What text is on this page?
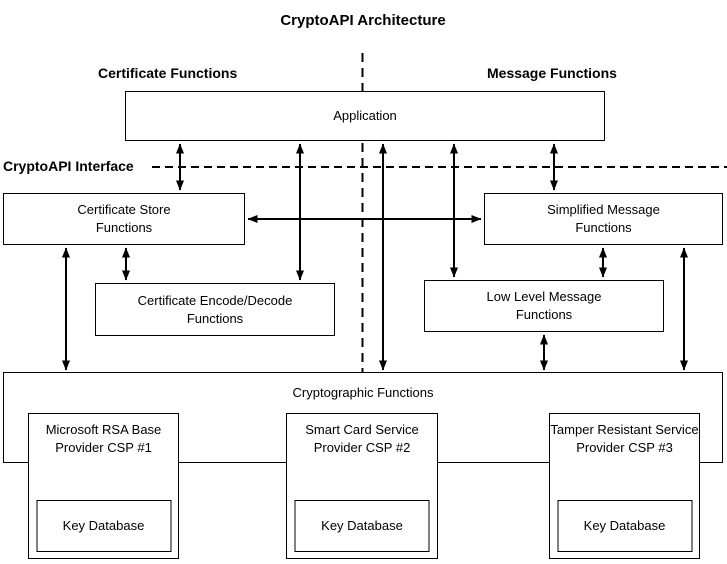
CryptoAPI Architecture
Certificate Functions	Message Functions
CryptoAPI Interface
Application
Certificate Store
Functions
Simplified Message
Functions
Certificate Encode/Decode
Functions
Low Level Message
Functions
Cryptographic Functions
Microsoft RSA Base Provider CSP #1
Key Database
Smart Card Service Provider CSP #2
Key Database
Tamper Resistant Service Provider CSP #3
Key Database
